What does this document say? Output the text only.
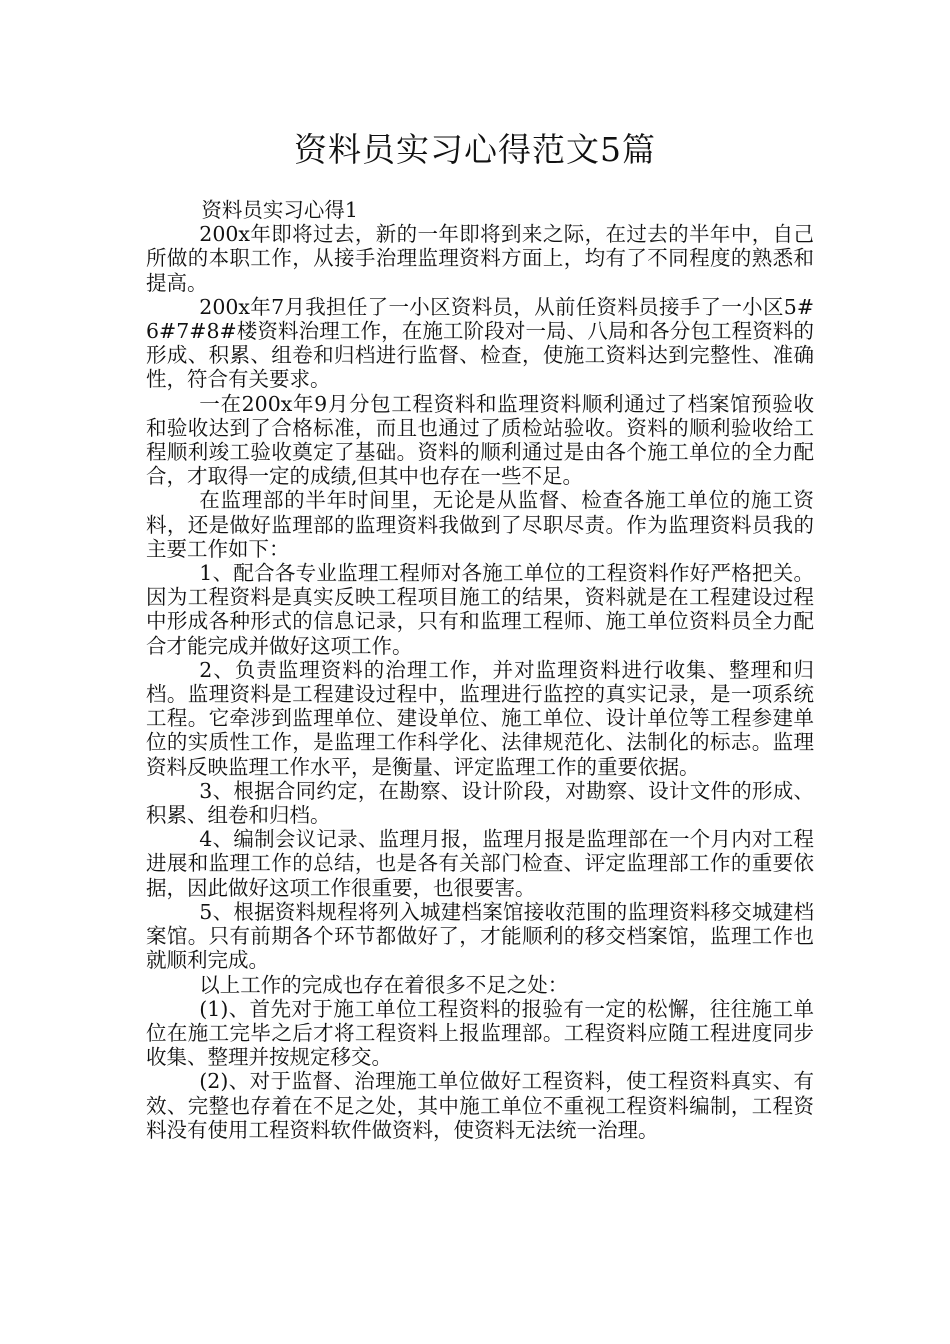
资料员实习心得范文5篇

资料员实习心得1

200x年即将过去，新的一年即将到来之际，在过去的半年中，自己所做的本职工作，从接手治理监理资料方面上，均有了不同程度的熟悉和提高。

200x年7月我担任了一小区资料员，从前任资料员接手了一小区5#6#7#8#楼资料治理工作，在施工阶段对一局、八局和各分包工程资料的形成、积累、组卷和归档进行监督、检查，使施工资料达到完整性、准确性，符合有关要求。

一在200x年9月分包工程资料和监理资料顺利通过了档案馆预验收和验收达到了合格标准，而且也通过了质检站验收。资料的顺利验收给工程顺利竣工验收奠定了基础。资料的顺利通过是由各个施工单位的全力配合，才取得一定的成绩,但其中也存在一些不足。

在监理部的半年时间里，无论是从监督、检查各施工单位的施工资料，还是做好监理部的监理资料我做到了尽职尽责。作为监理资料员我的主要工作如下：

1、配合各专业监理工程师对各施工单位的工程资料作好严格把关。因为工程资料是真实反映工程项目施工的结果，资料就是在工程建设过程中形成各种形式的信息记录，只有和监理工程师、施工单位资料员全力配合才能完成并做好这项工作。

2、负责监理资料的治理工作，并对监理资料进行收集、整理和归档。监理资料是工程建设过程中，监理进行监控的真实记录，是一项系统工程。它牵涉到监理单位、建设单位、施工单位、设计单位等工程参建单位的实质性工作，是监理工作科学化、法律规范化、法制化的标志。监理资料反映监理工作水平，是衡量、评定监理工作的重要依据。

3、根据合同约定，在勘察、设计阶段，对勘察、设计文件的形成、积累、组卷和归档。

4、编制会议记录、监理月报，监理月报是监理部在一个月内对工程进展和监理工作的总结，也是各有关部门检查、评定监理部工作的重要依据，因此做好这项工作很重要，也很要害。

5、根据资料规程将列入城建档案馆接收范围的监理资料移交城建档案馆。只有前期各个环节都做好了，才能顺利的移交档案馆，监理工作也就顺利完成。

以上工作的完成也存在着很多不足之处：

(1)、首先对于施工单位工程资料的报验有一定的松懈，往往施工单位在施工完毕之后才将工程资料上报监理部。工程资料应随工程进度同步收集、整理并按规定移交。

(2)、对于监督、治理施工单位做好工程资料，使工程资料真实、有效、完整也存着在不足之处，其中施工单位不重视工程资料编制，工程资料没有使用工程资料软件做资料，使资料无法统一治理。
